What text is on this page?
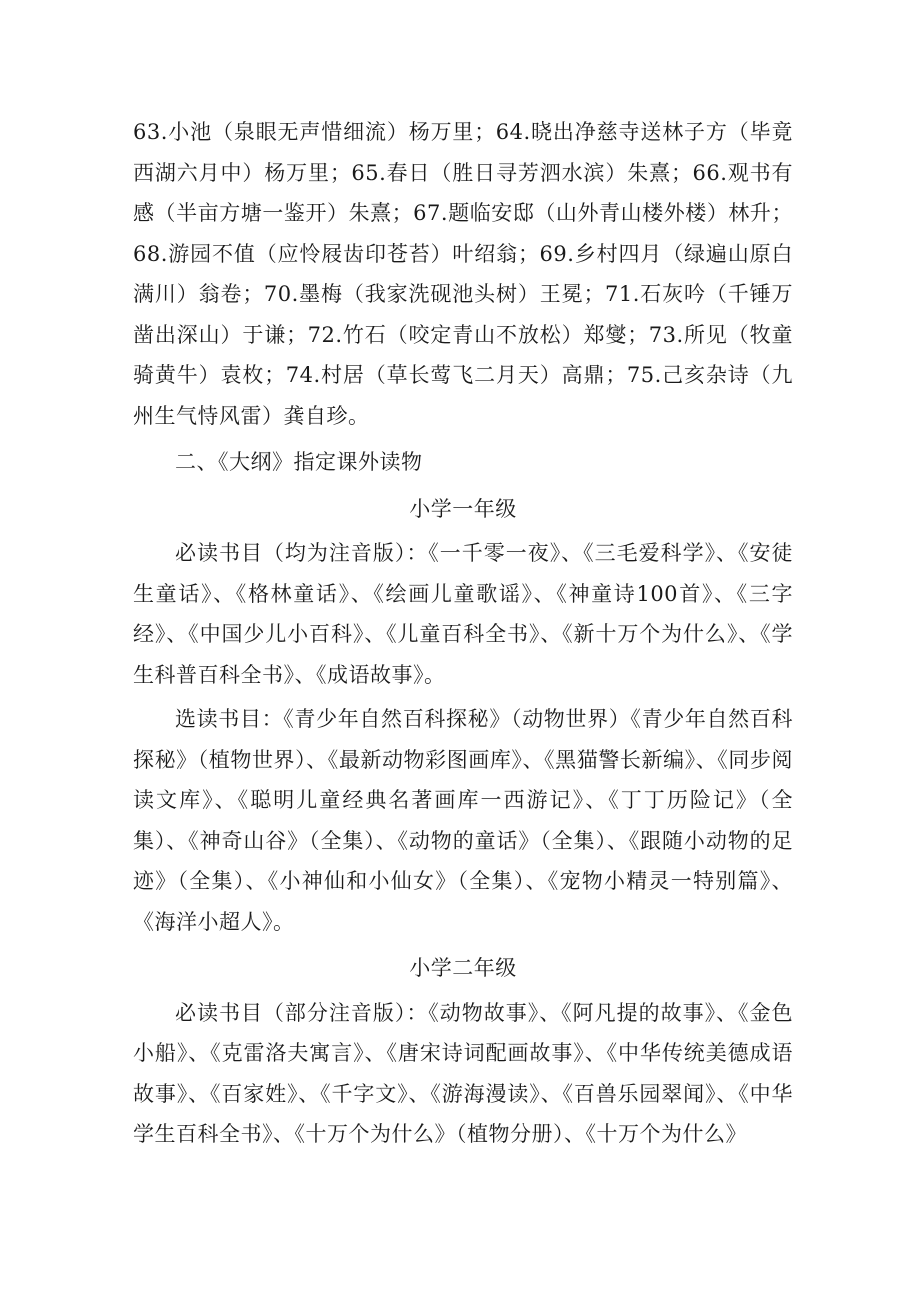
63.小池（泉眼无声惜细流）杨万里；64.晓出净慈寺送林子方（毕竟西湖六月中）杨万里；65.春日（胜日寻芳泗水滨）朱熹；66.观书有感（半亩方塘一鉴开）朱熹；67.题临安邸（山外青山楼外楼）林升；68.游园不值（应怜屐齿印苍苔）叶绍翁；69.乡村四月（绿遍山原白满川）翁卷；70.墨梅（我家洗砚池头树）王冕；71.石灰吟（千锤万凿出深山）于谦；72.竹石（咬定青山不放松）郑燮；73.所见（牧童骑黄牛）袁枚；74.村居（草长莺飞二月天）高鼎；75.己亥杂诗（九州生气恃风雷）龚自珍。

二、《大纲》指定课外读物

小学一年级

必读书目（均为注音版）：《一千零一夜》、《三毛爱科学》、《安徒生童话》、《格林童话》、《绘画儿童歌谣》、《神童诗100首》、《三字经》、《中国少儿小百科》、《儿童百科全书》、《新十万个为什么》、《学生科普百科全书》、《成语故事》。

选读书目：《青少年自然百科探秘》（动物世界）《青少年自然百科探秘》（植物世界）、《最新动物彩图画库》、《黑猫警长新编》、《同步阅读文库》、《聪明儿童经典名著画库一西游记》、《丁丁历险记》（全集）、《神奇山谷》（全集）、《动物的童话》（全集）、《跟随小动物的足迹》（全集）、《小神仙和小仙女》（全集）、《宠物小精灵一特别篇》、《海洋小超人》。

小学二年级

必读书目（部分注音版）：《动物故事》、《阿凡提的故事》、《金色小船》、《克雷洛夫寓言》、《唐宋诗词配画故事》、《中华传统美德成语故事》、《百家姓》、《千字文》、《游海漫读》、《百兽乐园翠闻》、《中华学生百科全书》、《十万个为什么》（植物分册）、《十万个为什么》
